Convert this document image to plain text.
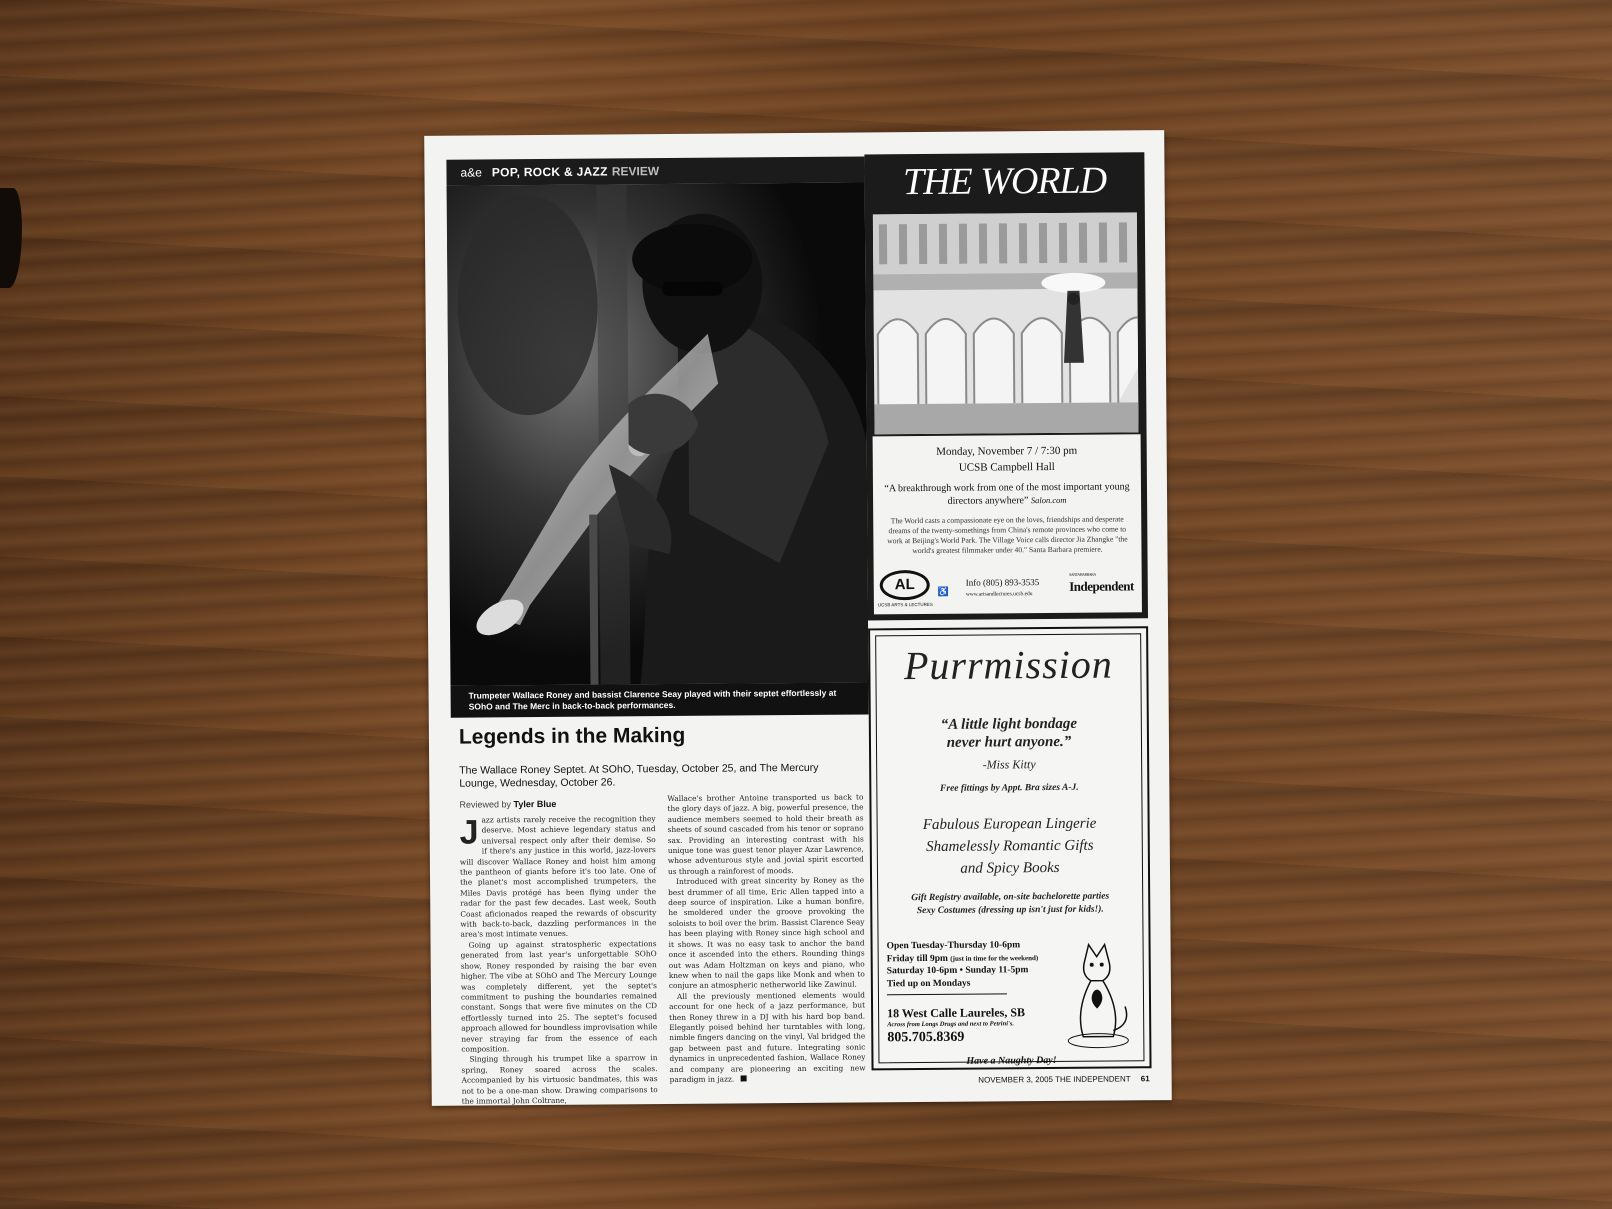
a&e POP, ROCK & JAZZ REVIEW
Trumpeter Wallace Roney and bassist Clarence Seay played with their septet effortlessly at SOhO and The Merc in back-to-back performances.
Legends in the Making
The Wallace Roney Septet. At SOhO, Tuesday, October 25, and The Mercury Lounge, Wednesday, October 26.
Reviewed by Tyler Blue
J azz artists rarely receive the recognition they deserve. Most achieve legendary status and universal respect only after their demise. So if there's any justice in this world, jazz-lovers will discover Wallace Roney and hoist him among the pantheon of giants before it's too late. One of the planet's most accomplished trumpeters, the Miles Davis protégé has been flying under the radar for the past few decades. Last week, South Coast aficionados reaped the rewards of obscurity with back-to-back, dazzling performances in the area's most intimate venues.

Going up against stratospheric expectations generated from last year's unforgettable SOhO show, Roney responded by raising the bar even higher. The vibe at SOhO and The Mercury Lounge was completely different, yet the septet's commitment to pushing the boundaries remained constant. Songs that were five minutes on the CD effortlessly turned into 25. The septet's focused approach allowed for boundless improvisation while never straying far from the essence of each composition.

Singing through his trumpet like a sparrow in spring, Roney soared across the scales. Accompanied by his virtuosic bandmates, this was not to be a one-man show. Drawing comparisons to the immortal John Coltrane,

Wallace's brother Antoine transported us back to the glory days of jazz. A big, powerful presence, the audience members seemed to hold their breath as sheets of sound cascaded from his tenor or soprano sax. Providing an interesting contrast with his unique tone was guest tenor player Azar Lawrence, whose adventurous style and jovial spirit escorted us through a rainforest of moods.

Introduced with great sincerity by Roney as the best drummer of all time, Eric Allen tapped into a deep source of inspiration. Like a human bonfire, he smoldered under the groove provoking the soloists to boil over the brim. Bassist Clarence Seay has been playing with Roney since high school and it shows. It was no easy task to anchor the band once it ascended into the ethers. Rounding things out was Adam Holtzman on keys and piano, who knew when to nail the gaps like Monk and when to conjure an atmospheric netherworld like Zawinul.

All the previously mentioned elements would account for one heck of a jazz performance, but then Roney threw in a DJ with his hard bop band. Elegantly poised behind her turntables with long, nimble fingers dancing on the vinyl, Val bridged the gap between past and future. Integrating sonic dynamics in unprecedented fashion, Wallace Roney and company are pioneering an exciting new paradigm in jazz.

THE WORLD
Monday, November 7 / 7:30 pm
UCSB Campbell Hall
“A breakthrough work from one of the most important young directors anywhere” Salon.com
The World casts a compassionate eye on the loves, friendships and desperate dreams of the twenty-somethings from China's remote provinces who come to work at Beijing's World Park. The Village Voice calls director Jia Zhangke "the world's greatest filmmaker under 40." Santa Barbara premiere.
AL
UCSB ARTS & LECTURES
♿
Info (805) 893-3535
www.artsandlectures.ucsb.edu
SANTA BARBARA
Independent
Purrmission
“A little light bondage
never hurt anyone.”
-Miss Kitty
Free fittings by Appt. Bra sizes A-J.
Fabulous European Lingerie
Shamelessly Romantic Gifts
and Spicy Books
Gift Registry available, on-site bachelorette parties
Sexy Costumes (dressing up isn't just for kids!).
Open Tuesday-Thursday 10-6pm
Friday till 9pm (just in time for the weekend)
Saturday 10-6pm • Sunday 11-5pm
Tied up on Mondays
18 West Calle Laureles, SB
Across from Longs Drugs and next to Petrini's.
805.705.8369
Have a Naughty Day!
NOVEMBER 3, 2005 THE INDEPENDENT 61
